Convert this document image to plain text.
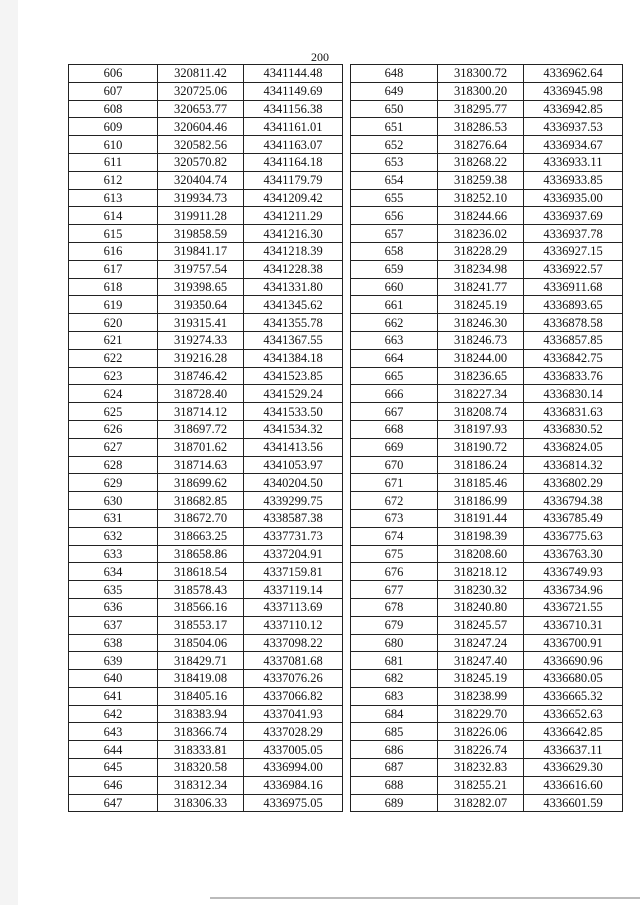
200
606	320811.42	4341144.48
607	320725.06	4341149.69
608	320653.77	4341156.38
609	320604.46	4341161.01
610	320582.56	4341163.07
611	320570.82	4341164.18
612	320404.74	4341179.79
613	319934.73	4341209.42
614	319911.28	4341211.29
615	319858.59	4341216.30
616	319841.17	4341218.39
617	319757.54	4341228.38
618	319398.65	4341331.80
619	319350.64	4341345.62
620	319315.41	4341355.78
621	319274.33	4341367.55
622	319216.28	4341384.18
623	318746.42	4341523.85
624	318728.40	4341529.24
625	318714.12	4341533.50
626	318697.72	4341534.32
627	318701.62	4341413.56
628	318714.63	4341053.97
629	318699.62	4340204.50
630	318682.85	4339299.75
631	318672.70	4338587.38
632	318663.25	4337731.73
633	318658.86	4337204.91
634	318618.54	4337159.81
635	318578.43	4337119.14
636	318566.16	4337113.69
637	318553.17	4337110.12
638	318504.06	4337098.22
639	318429.71	4337081.68
640	318419.08	4337076.26
641	318405.16	4337066.82
642	318383.94	4337041.93
643	318366.74	4337028.29
644	318333.81	4337005.05
645	318320.58	4336994.00
646	318312.34	4336984.16
647	318306.33	4336975.05
648	318300.72	4336962.64
649	318300.20	4336945.98
650	318295.77	4336942.85
651	318286.53	4336937.53
652	318276.64	4336934.67
653	318268.22	4336933.11
654	318259.38	4336933.85
655	318252.10	4336935.00
656	318244.66	4336937.69
657	318236.02	4336937.78
658	318228.29	4336927.15
659	318234.98	4336922.57
660	318241.77	4336911.68
661	318245.19	4336893.65
662	318246.30	4336878.58
663	318246.73	4336857.85
664	318244.00	4336842.75
665	318236.65	4336833.76
666	318227.34	4336830.14
667	318208.74	4336831.63
668	318197.93	4336830.52
669	318190.72	4336824.05
670	318186.24	4336814.32
671	318185.46	4336802.29
672	318186.99	4336794.38
673	318191.44	4336785.49
674	318198.39	4336775.63
675	318208.60	4336763.30
676	318218.12	4336749.93
677	318230.32	4336734.96
678	318240.80	4336721.55
679	318245.57	4336710.31
680	318247.24	4336700.91
681	318247.40	4336690.96
682	318245.19	4336680.05
683	318238.99	4336665.32
684	318229.70	4336652.63
685	318226.06	4336642.85
686	318226.74	4336637.11
687	318232.83	4336629.30
688	318255.21	4336616.60
689	318282.07	4336601.59
